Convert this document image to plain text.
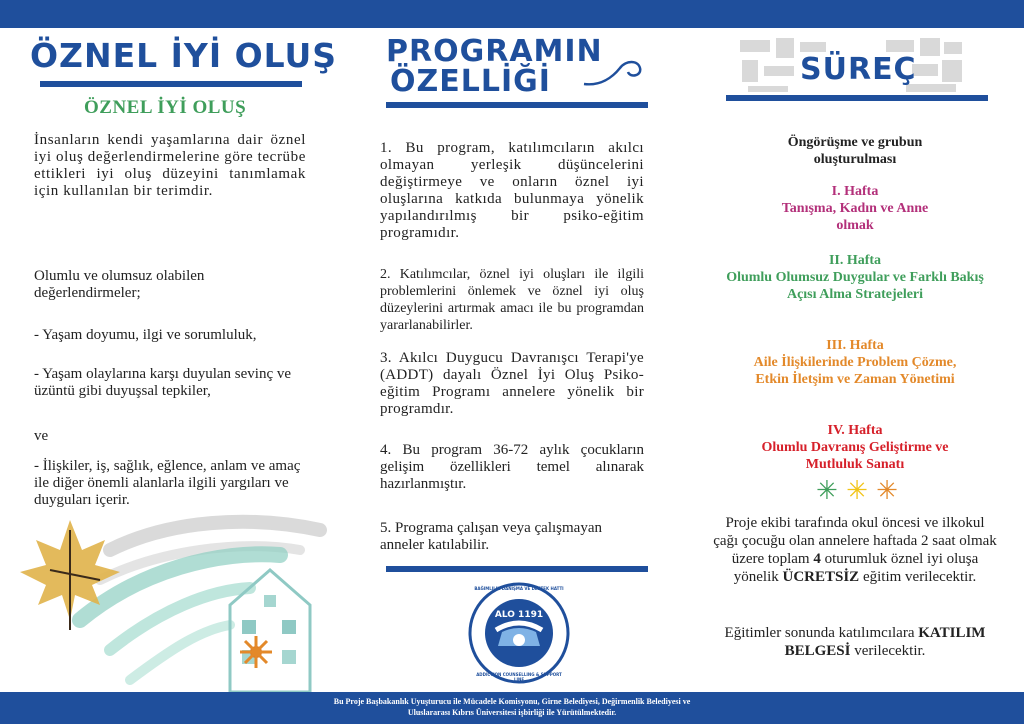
ÖZNEL İYİ OLUŞ
ÖZNEL İYİ OLUŞ
İnsanların kendi yaşamlarına dair öznel iyi oluş değerlendirmelerine göre tecrübe ettikleri iyi oluş düzeyini tanımlamak için kullanılan bir terimdir.
Olumlu ve olumsuz olabilen değerlendirmeler;
- Yaşam doyumu, ilgi ve sorumluluk,
- Yaşam olaylarına karşı duyulan sevinç ve üzüntü gibi duyuşsal tepkiler,
ve
- İlişkiler, iş, sağlık, eğlence, anlam ve amaç ile diğer önemli alanlarla ilgili yargıları ve duyguları içerir.
PROGRAMIN
ÖZELLİĞİ
1. Bu program, katılımcıların akılcı olmayan yerleşik düşüncelerini değiştirmeye ve onların öznel iyi oluşlarına katkıda bulunmaya yönelik yapılandırılmış bir psiko-eğitim programıdır.
2. Katılımcılar, öznel iyi oluşları ile ilgili problemlerini önlemek ve öznel iyi oluş düzeylerini artırmak amacı ile bu programdan yararlanabilirler.
3. Akılcı Duygucu Davranışcı Terapi'ye (ADDT) dayalı Öznel İyi Oluş Psiko-eğitim Programı annelere yönelik bir programdır.
4. Bu program 36-72 aylık çocukların gelişim özellikleri temel alınarak hazırlanmıştır.
5. Programa çalışan veya çalışmayan anneler katılabilir.
ALO 1191
BAĞIMLILIK DANIŞMA VE DESTEK HATTI
ADDICTION COUNSELLING & SUPPORT LINE
SÜREÇ
Öngörüşme ve grubun oluşturulması
I. Hafta
Tanışma, Kadın ve Anne olmak
II. Hafta
Olumlu Olumsuz Duygular ve Farklı Bakış Açısı Alma Stratejeleri
III. Hafta
Aile İlişkilerinde Problem Çözme, Etkin İletşim ve Zaman Yönetimi
IV. Hafta
Olumlu Davranış Geliştirme ve Mutluluk Sanatı
✳ ✳ ✳
Proje ekibi tarafında okul öncesi ve ilkokul çağı çocuğu olan annelere haftada 2 saat olmak üzere toplam 4 oturumluk öznel iyi oluşa yönelik ÜCRETSİZ eğitim verilecektir.
Eğitimler sonunda katılımcılara KATILIM BELGESİ verilecektir.
Bu Proje Başbakanlık Uyuşturucu ile Mücadele Komisyonu, Girne Belediyesi, Değirmenlik Belediyesi ve
Uluslararası Kıbrıs Üniversitesi işbirliği ile Yürütülmektedir.
